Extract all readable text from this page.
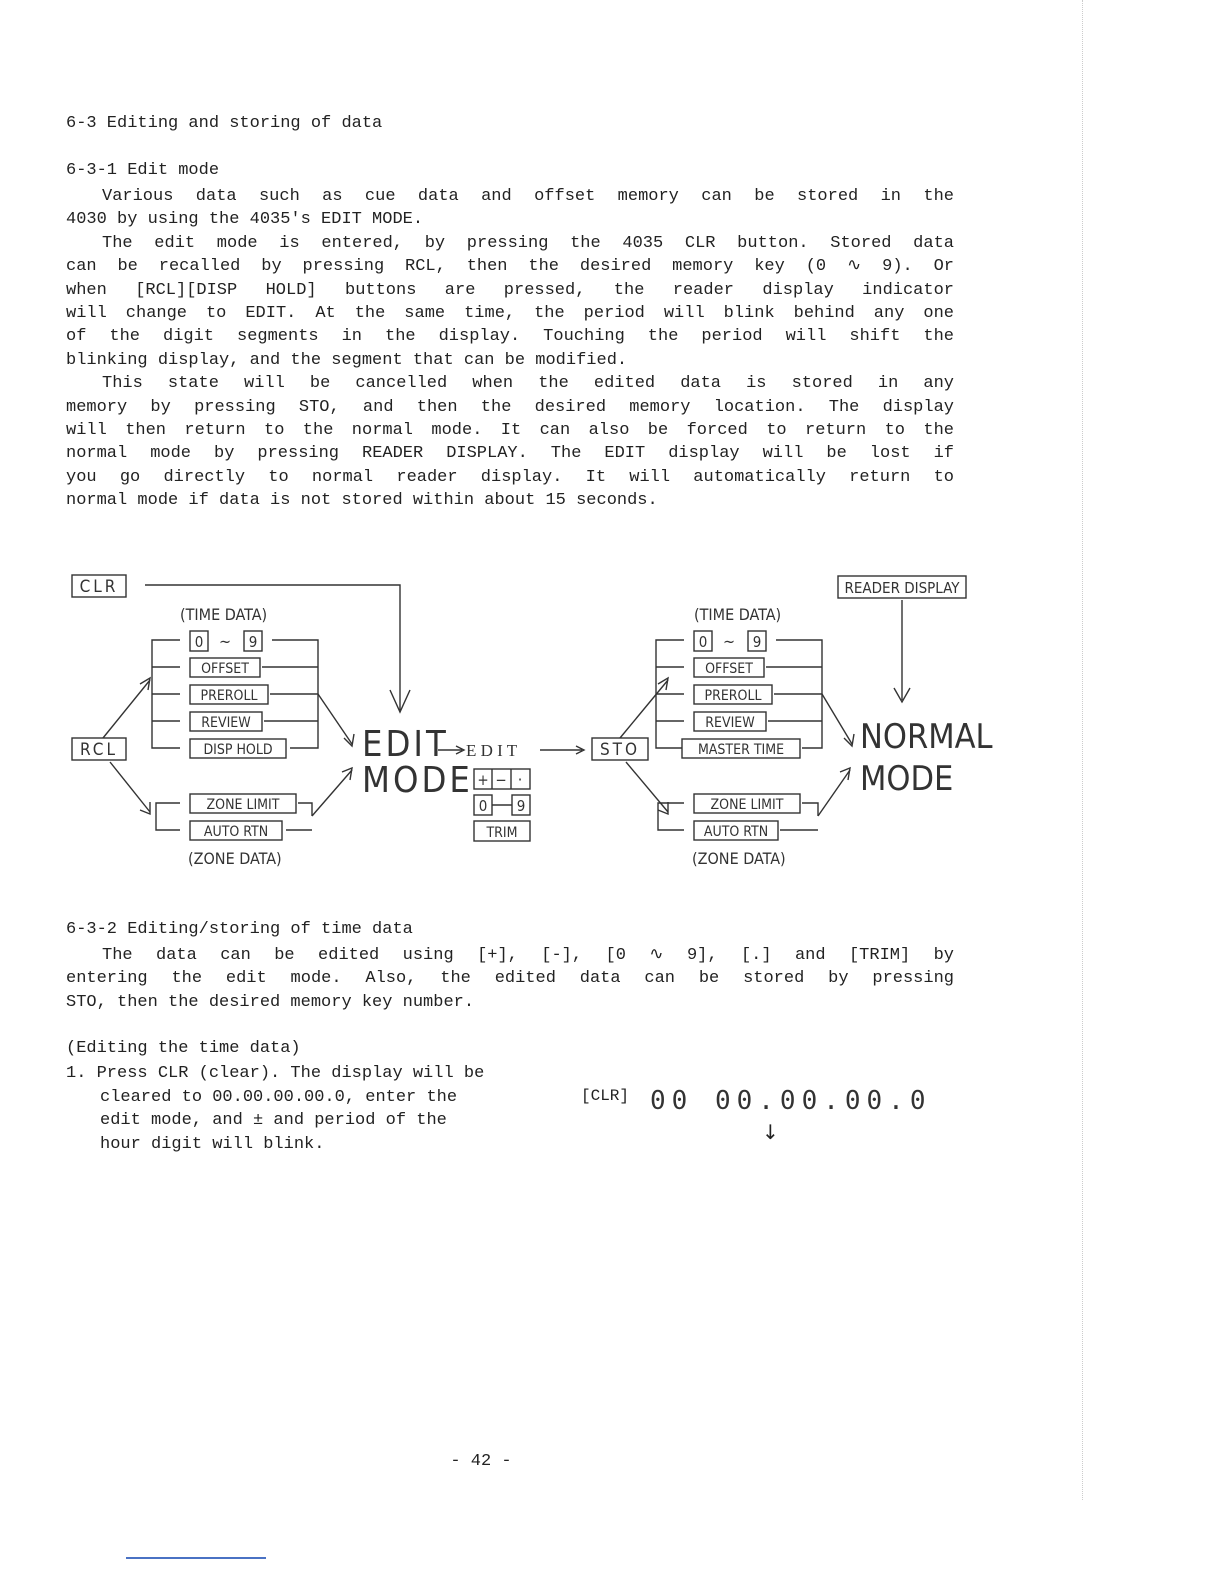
6-3 Editing and storing of data
6-3-1 Edit mode
Various data such as cue data and offset memory can be stored in the
4030 by using the 4035's EDIT MODE.
The edit mode is entered, by pressing the 4035 CLR button. Stored data
can be recalled by pressing RCL, then the desired memory key (0 ∿ 9). Or
when [RCL][DISP HOLD] buttons are pressed, the reader display indicator
will change to EDIT. At the same time, the period will blink behind any one
of the digit segments in the display. Touching the period will shift the
blinking display, and the segment that can be modified.
This state will be cancelled when the edited data is stored in any
memory by pressing STO, and then the desired memory location. The display
will then return to the normal mode. It can also be forced to return to the
normal mode by pressing READER DISPLAY. The EDIT display will be lost if
you go directly to normal reader display. It will automatically return to
normal mode if data is not stored within about 15 seconds.
CLR
(TIME DATA)
0 ~ 9
OFFSET
PREROLL
REVIEW
DISP HOLD
RCL
ZONE LIMIT
AUTO RTN
(ZONE DATA)
EDIT
MODE
E D I T
+ − ·
0 9
TRIM
STO
(TIME DATA)
0 ~ 9
OFFSET
PREROLL
REVIEW
MASTER TIME
ZONE LIMIT
AUTO RTN
(ZONE DATA)
READER DISPLAY
NORMAL
MODE
6-3-2 Editing/storing of time data
The data can be edited using [+], [-], [0 ∿ 9], [.] and [TRIM] by
entering the edit mode. Also, the edited data can be stored by pressing
STO, then the desired memory key number.
(Editing the time data)
1. Press CLR (clear). The display will be
cleared to 00.00.00.00.0, enter the
edit mode, and ± and period of the
hour digit will blink.
[CLR] 00 00.00.00.0
↓
- 42 -
